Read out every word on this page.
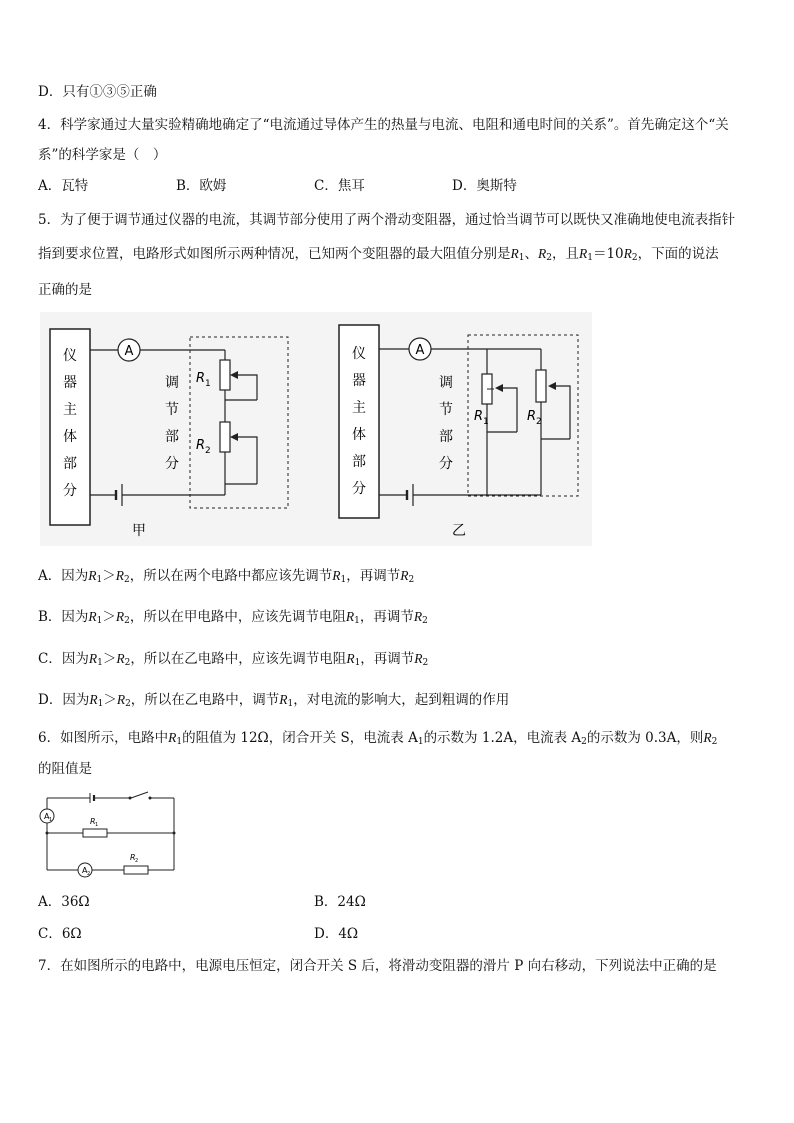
D．只有①③⑤正确
4．科学家通过大量实验精确地确定了“电流通过导体产生的热量与电流、电阻和通电时间的关系”。首先确定这个“关
系”的科学家是（　）
A．瓦特	B．欧姆	C．焦耳	D．奥斯特
5．为了便于调节通过仪器的电流，其调节部分使用了两个滑动变阻器，通过恰当调节可以既快又准确地使电流表指针
指到要求位置，电路形式如图所示两种情况，已知两个变阻器的最大阻值分别是$R_1$、$R_2$，且$R_1=10R_2$，下面的说法
正确的是
仪
器
主
体
部
分
A
R 1
R 2
调
节
部
分
甲
仪
器
主
体
部
分
A
R 1	R 2
调
节
部
分
乙
A．因为$R_1>R_2$，所以在两个电路中都应该先调节$R_1$，再调节$R_2$
B．因为$R_1>R_2$，所以在甲电路中，应该先调节电阻$R_1$，再调节$R_2$
C．因为$R_1>R_2$，所以在乙电路中，应该先调节电阻$R_1$，再调节$R_2$
D．因为$R_1>R_2$，所以在乙电路中，调节$R_1$，对电流的影响大，起到粗调的作用
6．如图所示，电路中$R_1$的阻值为 12Ω，闭合开关 S，电流表 $A_1$的示数为 1.2A，电流表 $A_2$的示数为 0.3A，则$R_2$
的阻值是
A 1	R 1
A 2
R 2
A．36Ω	B．24Ω
C．6Ω	D．4Ω
7．在如图所示的电路中，电源电压恒定，闭合开关 S 后，将滑动变阻器的滑片 P 向右移动，下列说法中正确的是
